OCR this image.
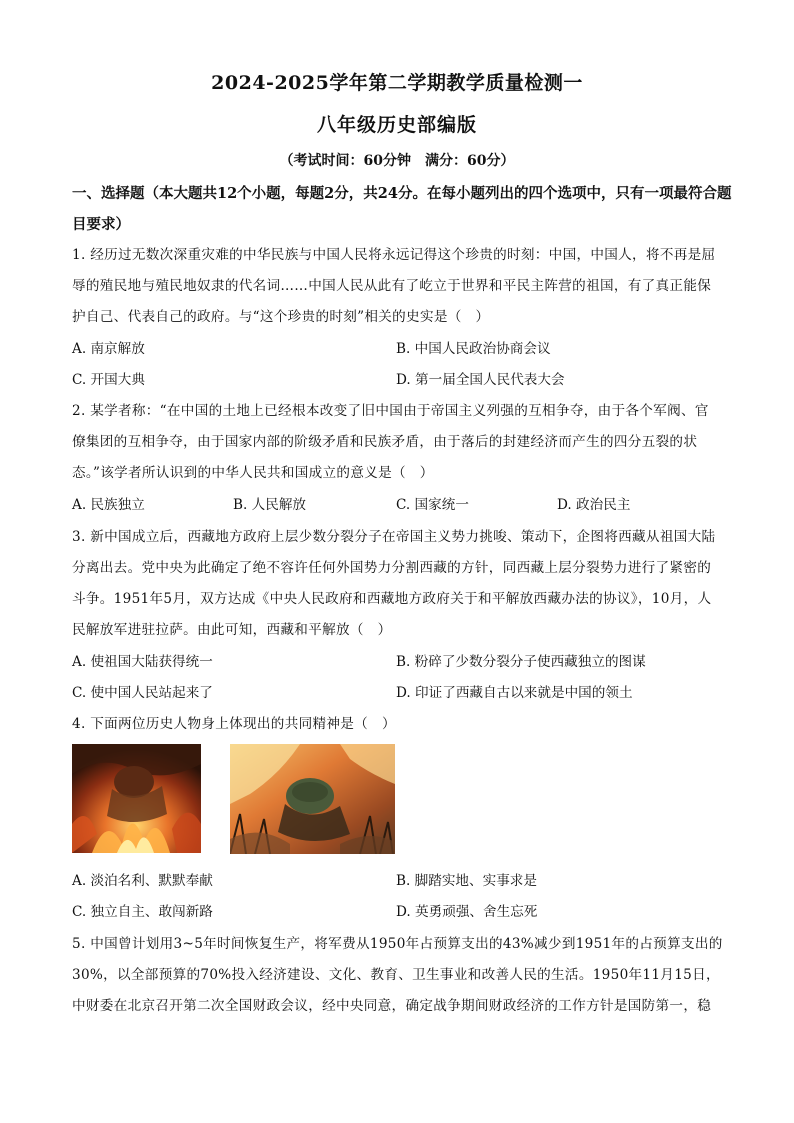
2024-2025学年第二学期教学质量检测一
八年级历史部编版
（考试时间：60分钟　满分：60分）
一、选择题（本大题共12个小题，每题2分，共24分。在每小题列出的四个选项中，只有一项最符合题目要求）
1. 经历过无数次深重灾难的中华民族与中国人民将永远记得这个珍贵的时刻：中国，中国人，将不再是屈
辱的殖民地与殖民地奴隶的代名词……中国人民从此有了屹立于世界和平民主阵营的祖国，有了真正能保
护自己、代表自己的政府。与“这个珍贵的时刻”相关的史实是（　）
A. 南京解放	B. 中国人民政治协商会议
C. 开国大典	D. 第一届全国人民代表大会
2. 某学者称：“在中国的土地上已经根本改变了旧中国由于帝国主义列强的互相争夺，由于各个军阀、官
僚集团的互相争夺，由于国家内部的阶级矛盾和民族矛盾，由于落后的封建经济而产生的四分五裂的状
态。”该学者所认识到的中华人民共和国成立的意义是（　）
A. 民族独立	B. 人民解放	C. 国家统一	D. 政治民主
3. 新中国成立后，西藏地方政府上层少数分裂分子在帝国主义势力挑唆、策动下，企图将西藏从祖国大陆
分离出去。党中央为此确定了绝不容许任何外国势力分割西藏的方针，同西藏上层分裂势力进行了紧密的
斗争。1951年5月，双方达成《中央人民政府和西藏地方政府关于和平解放西藏办法的协议》，10月，人
民解放军进驻拉萨。由此可知，西藏和平解放（　）
A. 使祖国大陆获得统一	B. 粉碎了少数分裂分子使西藏独立的图谋
C. 使中国人民站起来了	D. 印证了西藏自古以来就是中国的领土
4. 下面两位历史人物身上体现出的共同精神是（　）
A. 淡泊名利、默默奉献	B. 脚踏实地、实事求是
C. 独立自主、敢闯新路	D. 英勇顽强、舍生忘死
5. 中国曾计划用3~5年时间恢复生产，将军费从1950年占预算支出的43%减少到1951年的占预算支出的
30%，以全部预算的70%投入经济建设、文化、教育、卫生事业和改善人民的生活。1950年11月15日，
中财委在北京召开第二次全国财政会议，经中央同意，确定战争期间财政经济的工作方针是国防第一，稳
